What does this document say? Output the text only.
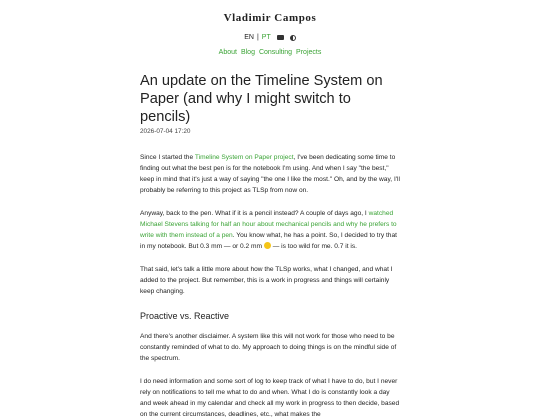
Vladimir Campos
EN | PT
About Blog Consulting Projects
An update on the Timeline System on Paper (and why I might switch to pencils)
2026-07-04 17:20

Since I started the Timeline System on Paper project, I've been dedicating some time to finding out what the best pen is for the notebook I'm using. And when I say "the best," keep in mind that it's just a way of saying "the one I like the most." Oh, and by the way, I'll probably be referring to this project as TLSp from now on.

Anyway, back to the pen. What if it is a pencil instead? A couple of days ago, I watched Michael Stevens talking for half an hour about mechanical pencils and why he prefers to write with them instead of a pen. You know what, he has a point. So, I decided to try that in my notebook. But 0.3 mm — or 0.2 mm  — is too wild for me. 0.7 it is.

That said, let's talk a little more about how the TLSp works, what I changed, and what I added to the project. But remember, this is a work in progress and things will certainly keep changing.

Proactive vs. Reactive

And there's another disclaimer. A system like this will not work for those who need to be constantly reminded of what to do. My approach to doing things is on the mindful side of the spectrum.

I do need information and some sort of log to keep track of what I have to do, but I never rely on notifications to tell me what to do and when. What I do is constantly look a day and week ahead in my calendar and check all my work in progress to then decide, based on the current circumstances, deadlines, etc., what makes the
